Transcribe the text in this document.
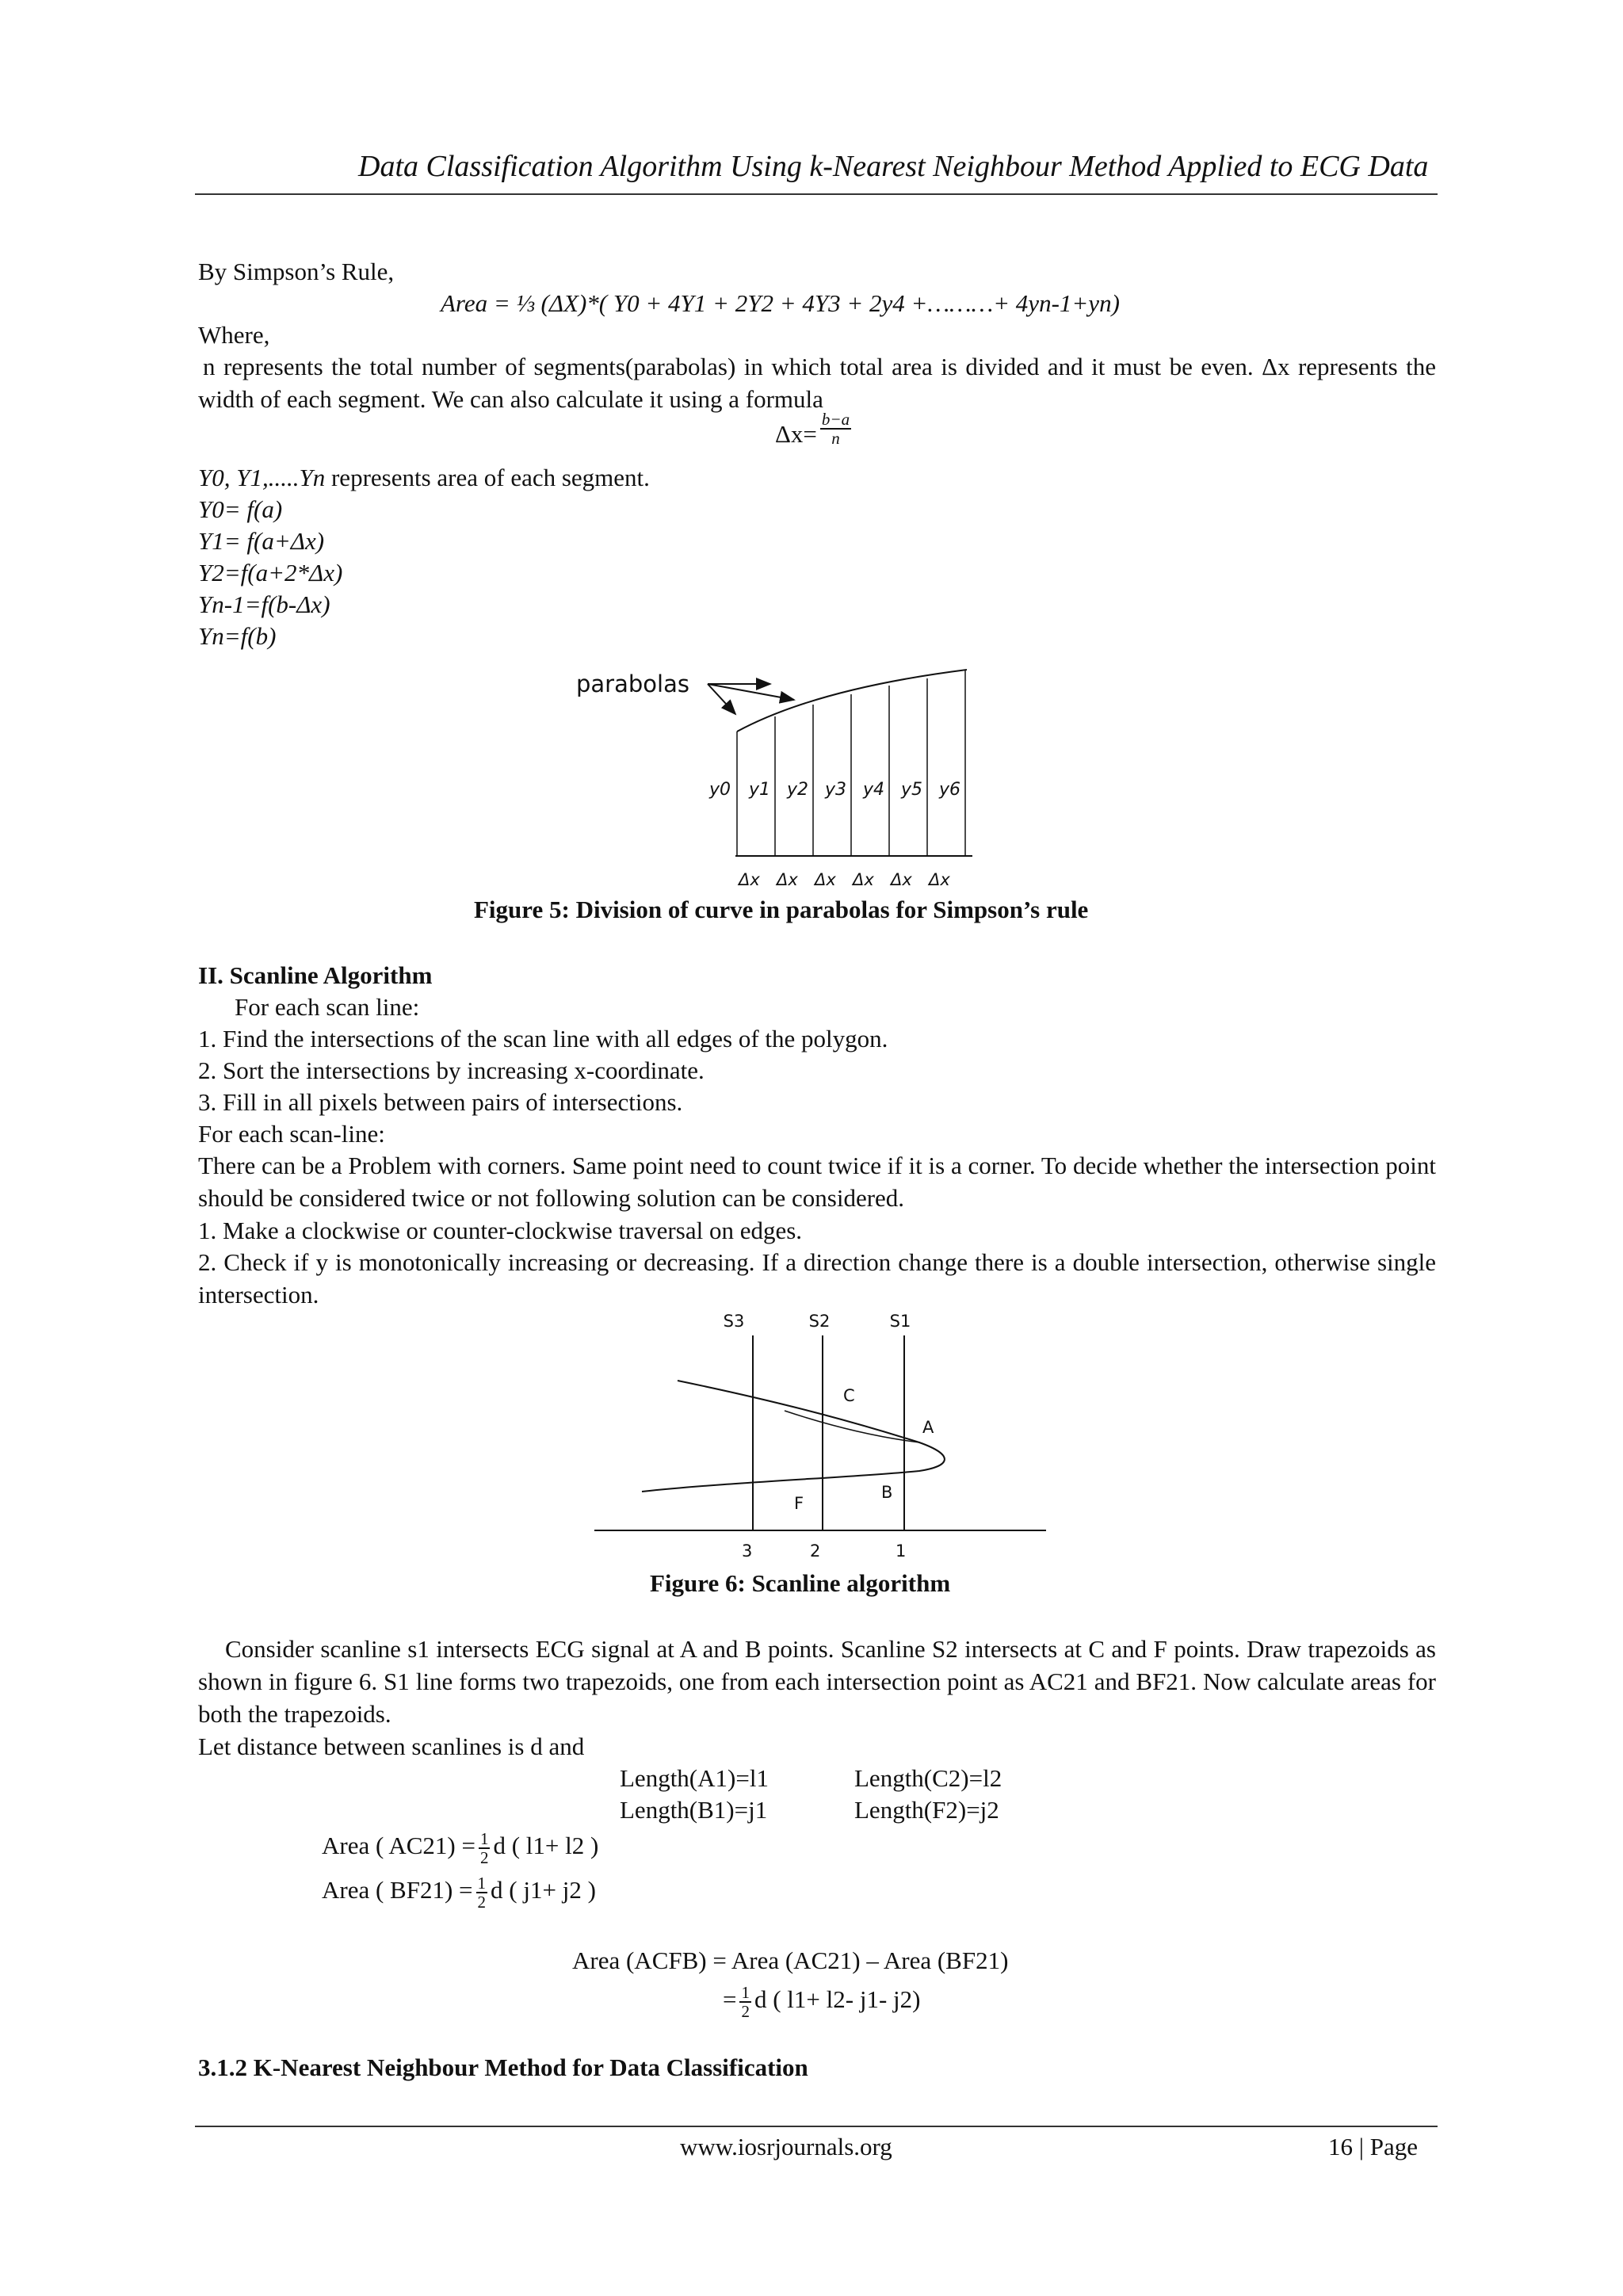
Data Classification Algorithm Using k-Nearest Neighbour Method Applied to ECG Data
By Simpson’s Rule,
Area = ⅓ (ΔX)*( Y0 + 4Y1 + 2Y2 + 4Y3 + 2y4 +………+ 4yn-1+yn)
Where,
n represents the total number of segments(parabolas) in which total area is divided and it must be even. Δx represents the width of each segment. We can also calculate it using a formula
$\Delta x= \frac{b-a}{n}$
Y0, Y1,.....Yn represents area of each segment.
Y0= f(a)
Y1= f(a+Δx)
Y2=f(a+2*Δx)
Yn-1=f(b-Δx)
Yn=f(b)
parabolas
y0 y1 y2 y3 y4 y5 y6
Δx Δx Δx Δx Δx Δx
Figure 5: Division of curve in parabolas for Simpson’s rule
II. Scanline Algorithm
For each scan line:
1. Find the intersections of the scan line with all edges of the polygon.
2. Sort the intersections by increasing x-coordinate.
3. Fill in all pixels between pairs of intersections.
For each scan-line:
There can be a Problem with corners. Same point need to count twice if it is a corner. To decide whether the intersection point should be considered twice or not following solution can be considered.
1. Make a clockwise or counter-clockwise traversal on edges.
2. Check if y is monotonically increasing or decreasing. If a direction change there is a double intersection, otherwise single intersection.
S3	S2	S1
C
A
B
F
3	2	1
Figure 6: Scanline algorithm
Consider scanline s1 intersects ECG signal at A and B points. Scanline S2 intersects at C and F points. Draw trapezoids as shown in figure 6. S1 line forms two trapezoids, one from each intersection point as AC21 and BF21. Now calculate areas for both the trapezoids.
Let distance between scanlines is d and
Length(A1)=l1	Length(C2)=l2
Length(B1)=j1	Length(F2)=j2
Area ( $AC21) = \frac{1}{2}$ d ( l1+ l2 )
Area ( $BF21) = \frac{1}{2}$ d ( j1+ j2 )
Area (ACFB) = Area (AC21) – Area (BF21)
= $\frac{1}{2}$ d ( l1+ l2- j1- j2)
3.1.2 K-Nearest Neighbour Method for Data Classification
www.iosrjournals.org	16 | Page
